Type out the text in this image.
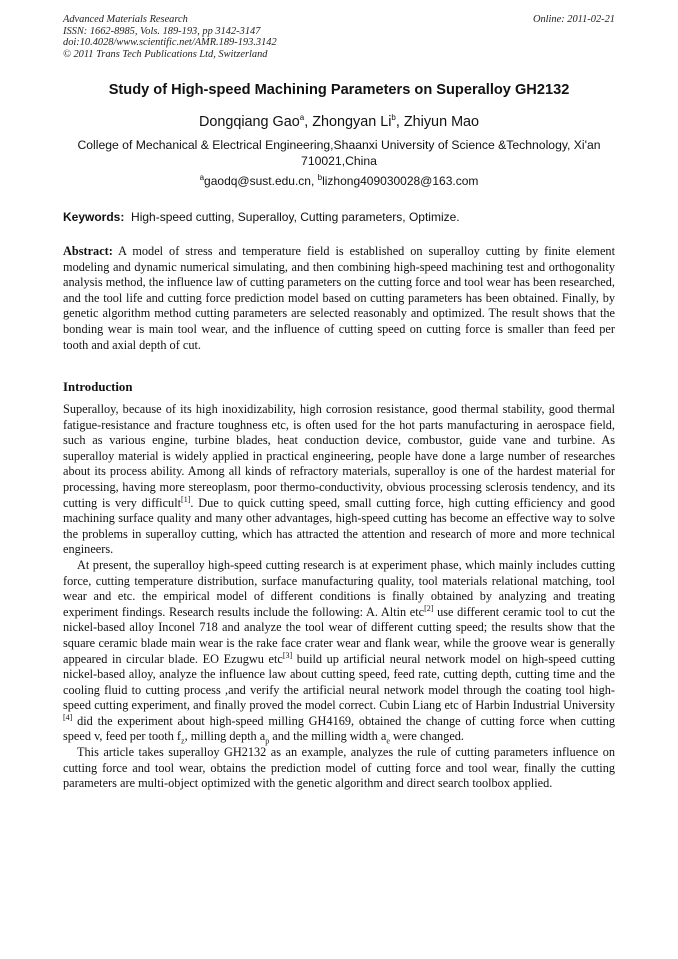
Advanced Materials Research
ISSN: 1662-8985, Vols. 189-193, pp 3142-3147
doi:10.4028/www.scientific.net/AMR.189-193.3142
© 2011 Trans Tech Publications Ltd, Switzerland
Online: 2011-02-21
Study of High-speed Machining Parameters on Superalloy GH2132
Dongqiang Gao$^a$, Zhongyan Li$^b$, Zhiyun Mao
College of Mechanical & Electrical Engineering,Shaanxi University of Science &Technology, Xi'an 710021,China
$^a$gaodq@sust.edu.cn, $^b$lizhong409030028@163.com
Keywords: High-speed cutting, Superalloy, Cutting parameters, Optimize.
Abstract: A model of stress and temperature field is established on superalloy cutting by finite element modeling and dynamic numerical simulating, and then combining high-speed machining test and orthogonality analysis method, the influence law of cutting parameters on the cutting force and tool wear has been researched, and the tool life and cutting force prediction model based on cutting parameters has been obtained. Finally, by genetic algorithm method cutting parameters are selected reasonably and optimized. The result shows that the bonding wear is main tool wear, and the influence of cutting speed on cutting force is smaller than feed per tooth and axial depth of cut.
Introduction

Superalloy, because of its high inoxidizability, high corrosion resistance, good thermal stability, good thermal fatigue-resistance and fracture toughness etc, is often used for the hot parts manufacturing in aerospace field, such as various engine, turbine blades, heat conduction device, combustor, guide vane and turbine. As superalloy material is widely applied in practical engineering, people have done a large number of researches about its process ability. Among all kinds of refractory materials, superalloy is one of the hardest material for processing, having more stereoplasm, poor thermo-conductivity, obvious processing sclerosis tendency, and its cutting is very difficult[1]. Due to quick cutting speed, small cutting force, high cutting efficiency and good machining surface quality and many other advantages, high-speed cutting has become an effective way to solve the problems in superalloy cutting, which has attracted the attention and research of more and more technical engineers.

At present, the superalloy high-speed cutting research is at experiment phase, which mainly includes cutting force, cutting temperature distribution, surface manufacturing quality, tool materials relational matching, tool wear and etc. the empirical model of different conditions is finally obtained by analyzing and treating experiment findings. Research results include the following: A. Altin etc[2] use different ceramic tool to cut the nickel-based alloy Inconel 718 and analyze the tool wear of different cutting speed; the results show that the square ceramic blade main wear is the rake face crater wear and flank wear, while the groove wear is generally appeared in circular blade. EO Ezugwu etc[3] build up artificial neural network model on high-speed cutting nickel-based alloy, analyze the influence law about cutting speed, feed rate, cutting depth, cutting time and the cooling fluid to cutting process ,and verify the artificial neural network model through the coating tool high-speed cutting experiment, and finally proved the model correct. Cubin Liang etc of Harbin Industrial University [4] did the experiment about high-speed milling GH4169, obtained the change of cutting force when cutting speed v, feed per tooth $f_z$, milling depth $a_p$ and the milling width $a_e$ were changed.

This article takes superalloy GH2132 as an example, analyzes the rule of cutting parameters influence on cutting force and tool wear, obtains the prediction model of cutting force and tool wear, finally the cutting parameters are multi-object optimized with the genetic algorithm and direct search toolbox applied.
